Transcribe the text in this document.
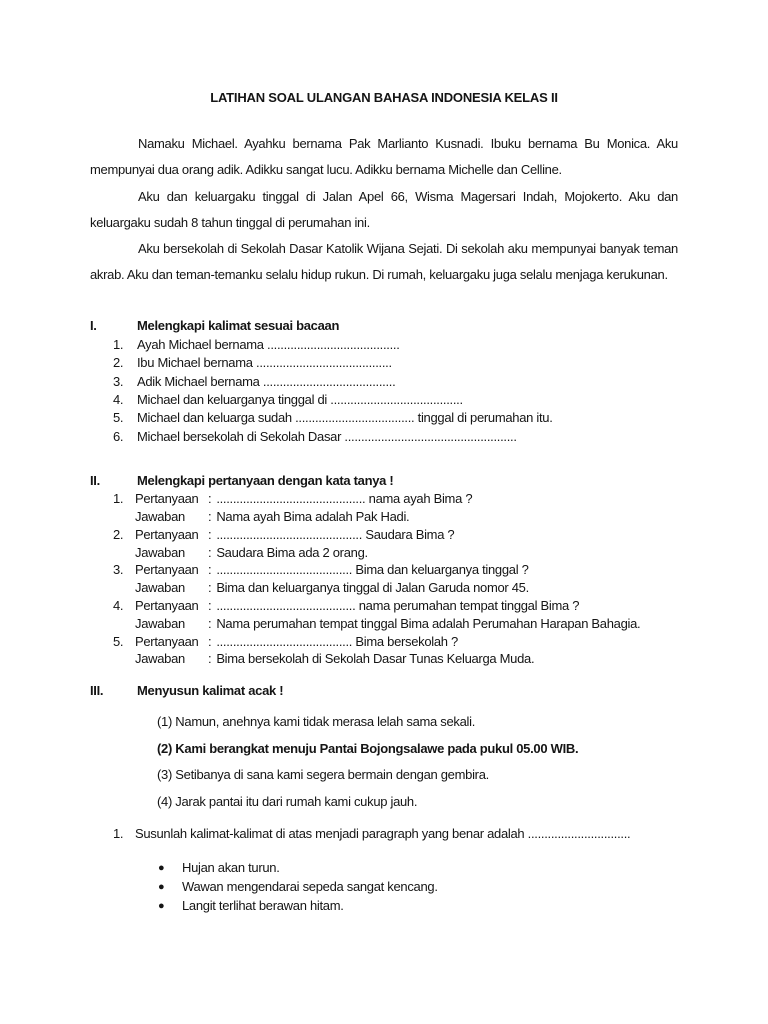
LATIHAN SOAL ULANGAN BAHASA INDONESIA KELAS II

Namaku Michael. Ayahku bernama Pak Marlianto Kusnadi. Ibuku bernama Bu Monica. Aku mempunyai dua orang adik. Adikku sangat lucu. Adikku bernama Michelle dan Celline.

Aku dan keluargaku tinggal di Jalan Apel 66, Wisma Magersari Indah, Mojokerto. Aku dan keluargaku sudah 8 tahun tinggal di perumahan ini.

Aku bersekolah di Sekolah Dasar Katolik Wijana Sejati. Di sekolah aku mempunyai banyak teman akrab. Aku dan teman-temanku selalu hidup rukun. Di rumah, keluargaku juga selalu menjaga kerukunan.

I.	Melengkapi kalimat sesuai bacaan
1.	Ayah Michael bernama ........................................
2.	Ibu Michael bernama .........................................
3.	Adik Michael bernama ........................................
4.	Michael dan keluarganya tinggal di ........................................
5.	Michael dan keluarga sudah .................................... tinggal di perumahan itu.
6.	Michael bersekolah di Sekolah Dasar ....................................................
II.	Melengkapi pertanyaan dengan kata tanya !
1. Pertanyaan : ............................................. nama ayah Bima ?
Jawaban	: Nama ayah Bima adalah Pak Hadi.
2. Pertanyaan : ............................................ Saudara Bima ?
Jawaban	: Saudara Bima ada 2 orang.
3. Pertanyaan : ......................................... Bima dan keluarganya tinggal ?
Jawaban	: Bima dan keluarganya tinggal di Jalan Garuda nomor 45.
4. Pertanyaan : .......................................... nama perumahan tempat tinggal Bima ?
Jawaban	: Nama perumahan tempat tinggal Bima adalah Perumahan Harapan Bahagia.
5. Pertanyaan : ......................................... Bima bersekolah ?
Jawaban	: Bima bersekolah di Sekolah Dasar Tunas Keluarga Muda.
III.	Menyusun kalimat acak !
(1) Namun, anehnya kami tidak merasa lelah sama sekali.
(2) Kami berangkat menuju Pantai Bojongsalawe pada pukul 05.00 WIB.
(3) Setibanya di sana kami segera bermain dengan gembira.
(4) Jarak pantai itu dari rumah kami cukup jauh.
1. Susunlah kalimat-kalimat di atas menjadi paragraph yang benar adalah ...............................
●	Hujan akan turun.
●	Wawan mengendarai sepeda sangat kencang.
●	Langit terlihat berawan hitam.
